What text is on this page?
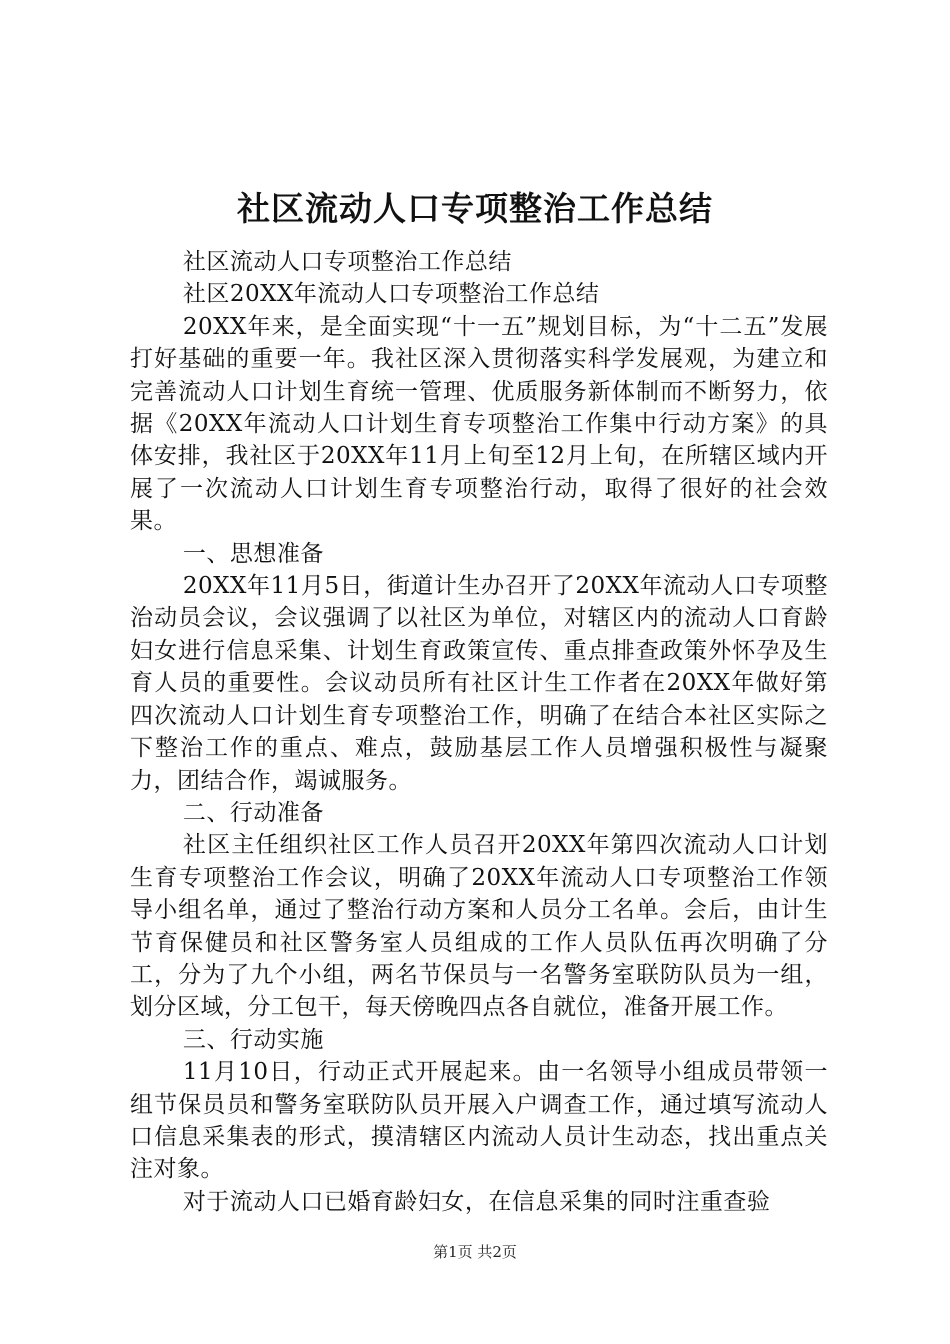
社区流动人口专项整治工作总结

社区流动人口专项整治工作总结

社区20XX年流动人口专项整治工作总结

20XX年来，是全面实现“十一五”规划目标，为“十二五”发展打好基础的重要一年。我社区深入贯彻落实科学发展观，为建立和完善流动人口计划生育统一管理、优质服务新体制而不断努力，依据《20XX年流动人口计划生育专项整治工作集中行动方案》的具体安排，我社区于20XX年11月上旬至12月上旬，在所辖区域内开展了一次流动人口计划生育专项整治行动，取得了很好的社会效果。

一、思想准备

20XX年11月5日，街道计生办召开了20XX年流动人口专项整治动员会议，会议强调了以社区为单位，对辖区内的流动人口育龄妇女进行信息采集、计划生育政策宣传、重点排查政策外怀孕及生育人员的重要性。会议动员所有社区计生工作者在20XX年做好第四次流动人口计划生育专项整治工作，明确了在结合本社区实际之下整治工作的重点、难点，鼓励基层工作人员增强积极性与凝聚力，团结合作，竭诚服务。

二、行动准备

社区主任组织社区工作人员召开20XX年第四次流动人口计划生育专项整治工作会议，明确了20XX年流动人口专项整治工作领导小组名单，通过了整治行动方案和人员分工名单。会后，由计生节育保健员和社区警务室人员组成的工作人员队伍再次明确了分工，分为了九个小组，两名节保员与一名警务室联防队员为一组，划分区域，分工包干，每天傍晚四点各自就位，准备开展工作。

三、行动实施

11月10日，行动正式开展起来。由一名领导小组成员带领一组节保员员和警务室联防队员开展入户调查工作，通过填写流动人口信息采集表的形式，摸清辖区内流动人员计生动态，找出重点关注对象。

对于流动人口已婚育龄妇女，在信息采集的同时注重查验

第1页 共2页
